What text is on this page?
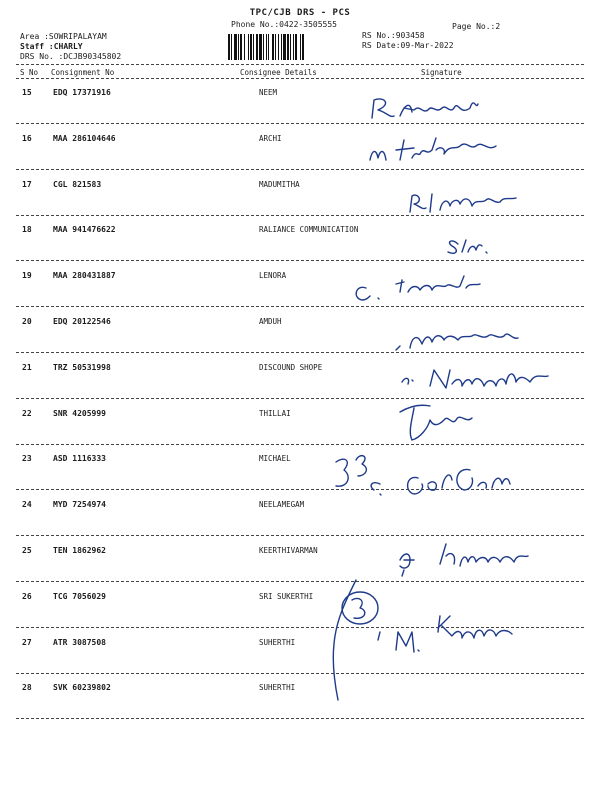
TPC/CJB DRS - PCS
Phone No.:0422-3505555	Page No.:2
Area :SOWRIPALAYAM
Staff :CHARLY
DRS No. :DCJB90345802
RS No.:903458
RS Date:09-Mar-2022
S No Consignment No	Consignee Details	Signature
15	EDQ 17371916	NEEM
16	MAA 286104646	ARCHI
17	CGL 821583	MADUMITHA
18	MAA 941476622	RALIANCE COMMUNICATION
19	MAA 280431887	LENORA
20	EDQ 20122546	AMDUH
21	TRZ 50531998	DISCOUND SHOPE
22	SNR 4205999	THILLAI
23	ASD 1116333	MICHAEL
24	MYD 7254974	NEELAMEGAM
25	TEN 1862962	KEERTHIVARMAN
26	TCG 7056029	SRI SUKERTHI
27	ATR 3087508	SUHERTHI
28	SVK 60239802	SUHERTHI
